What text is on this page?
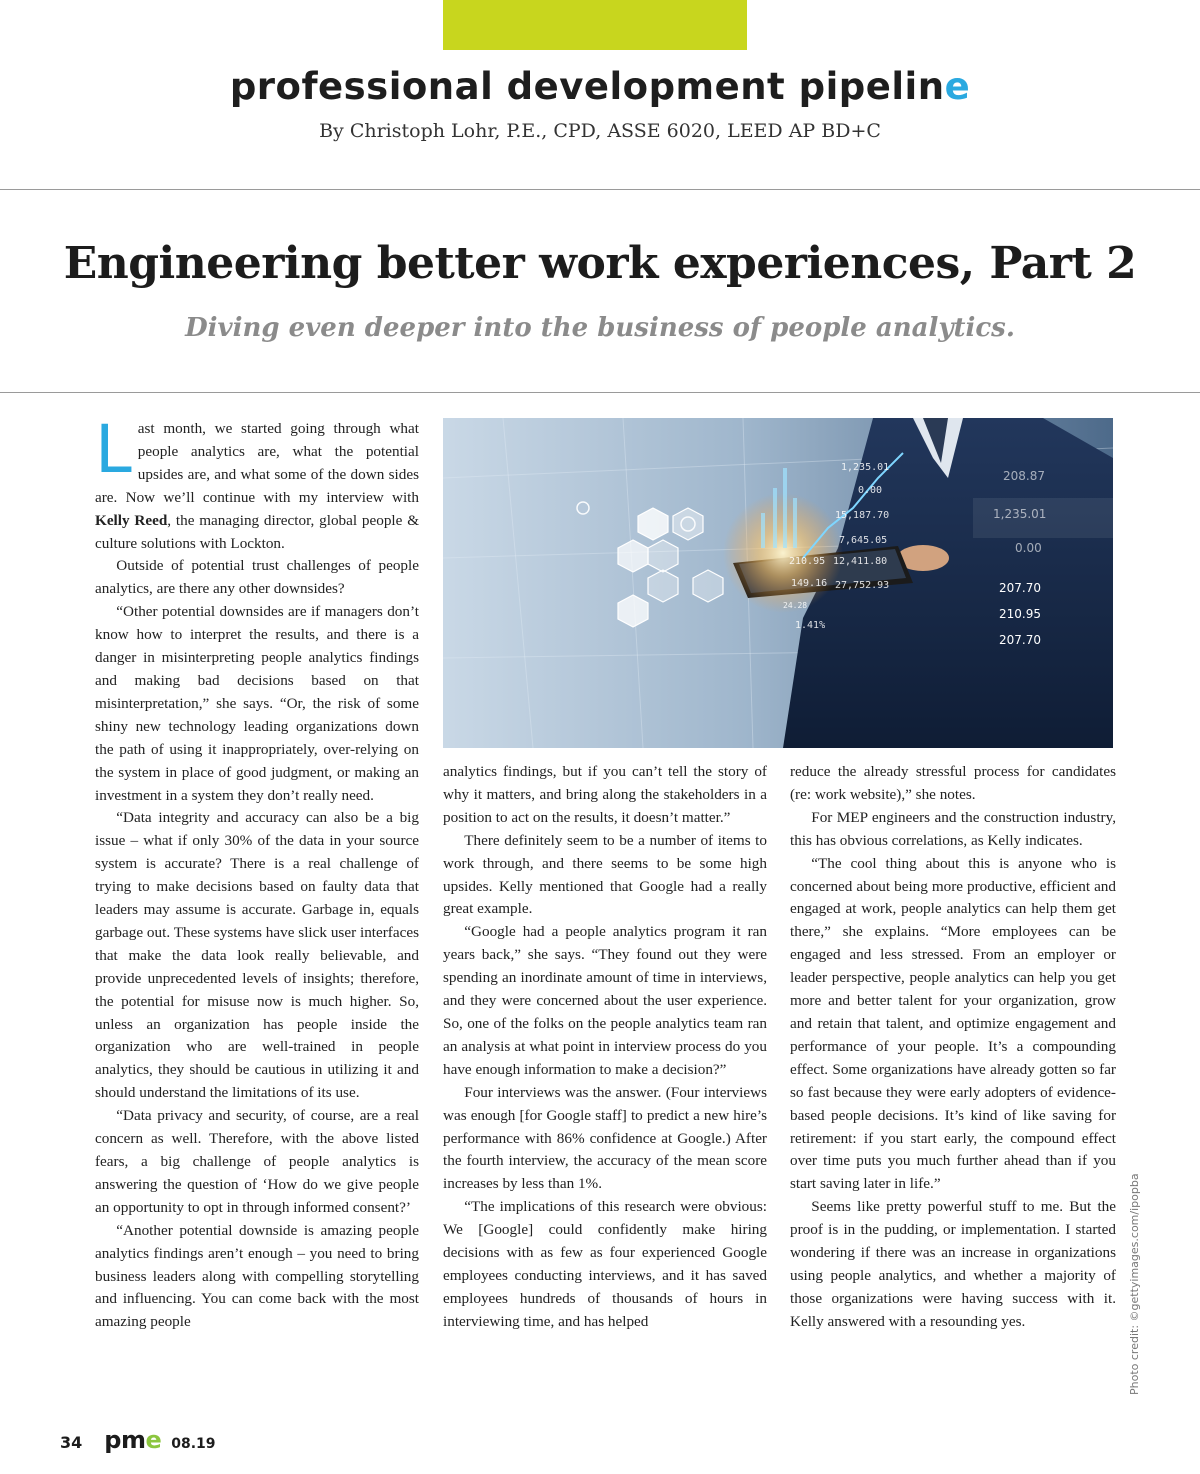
professional development pipeline
By Christoph Lohr, P.E., CPD, ASSE 6020, LEED AP BD+C
Engineering better work experiences, Part 2
Diving even deeper into the business of people analytics.

Last month, we started going through what people analytics are, what the potential upsides are, and what some of the down sides are. Now we’ll continue with my interview with Kelly Reed, the managing director, global people & culture solutions with Lockton.

Outside of potential trust challenges of people analytics, are there any other downsides?

“Other potential downsides are if managers don’t know how to interpret the results, and there is a danger in misinterpreting people analytics findings and making bad decisions based on that misinterpretation,” she says. “Or, the risk of some shiny new technology leading organizations down the path of using it inappropriately, over-relying on the system in place of good judgment, or making an investment in a system they don’t really need.

“Data integrity and accuracy can also be a big issue – what if only 30% of the data in your source system is accurate? There is a real challenge of trying to make decisions based on faulty data that leaders may assume is accurate. Garbage in, equals garbage out. These systems have slick user interfaces that make the data look really believable, and provide unprecedented levels of insights; therefore, the potential for misuse now is much higher. So, unless an organization has people inside the organization who are well-trained in people analytics, they should be cautious in utilizing it and should understand the limitations of its use.

“Data privacy and security, of course, are a real concern as well. Therefore, with the above listed fears, a big challenge of people analytics is answering the question of ‘How do we give people an opportunity to opt in through informed consent?’

“Another potential downside is amazing people analytics findings aren’t enough – you need to bring business leaders along with compelling storytelling and influencing. You can come back with the most amazing people

1,235.01
0.00
15,187.70
7,645.05
12,411.80
27,752.93
210.95
149.16
24.28
1.41%
208.87
1,235.01
0.00
207.70
210.95
207.70

analytics findings, but if you can’t tell the story of why it matters, and bring along the stakeholders in a position to act on the results, it doesn’t matter.”

There definitely seem to be a number of items to work through, and there seems to be some high upsides. Kelly mentioned that Google had a really great example.

“Google had a people analytics program it ran years back,” she says. “They found out they were spending an inordinate amount of time in interviews, and they were concerned about the user experience. So, one of the folks on the people analytics team ran an analysis at what point in interview process do you have enough information to make a decision?”

Four interviews was the answer. (Four interviews was enough [for Google staff] to predict a new hire’s performance with 86% confidence at Google.) After the fourth interview, the accuracy of the mean score increases by less than 1%.

“The implications of this research were obvious: We [Google] could confidently make hiring decisions with as few as four experienced Google employees conducting interviews, and it has saved employees hundreds of thousands of hours in interviewing time, and has helped

reduce the already stressful process for candidates (re: work website),” she notes.

For MEP engineers and the construction industry, this has obvious correlations, as Kelly indicates.

“The cool thing about this is anyone who is concerned about being more productive, efficient and engaged at work, people analytics can help them get there,” she explains. “More employees can be engaged and less stressed. From an employer or leader perspective, people analytics can help you get more and better talent for your organization, grow and retain that talent, and optimize engagement and performance of your people. It’s a compounding effect. Some organizations have already gotten so far so fast because they were early adopters of evidence-based people decisions. It’s kind of like saving for retirement: if you start early, the compound effect over time puts you much further ahead than if you start saving later in life.”

Seems like pretty powerful stuff to me. But the proof is in the pudding, or implementation. I started wondering if there was an increase in organizations using people analytics, and whether a majority of those organizations were having success with it. Kelly answered with a resounding yes.	Photo credit: ©gettyimages.com/ipopba
34 pme 08.19
